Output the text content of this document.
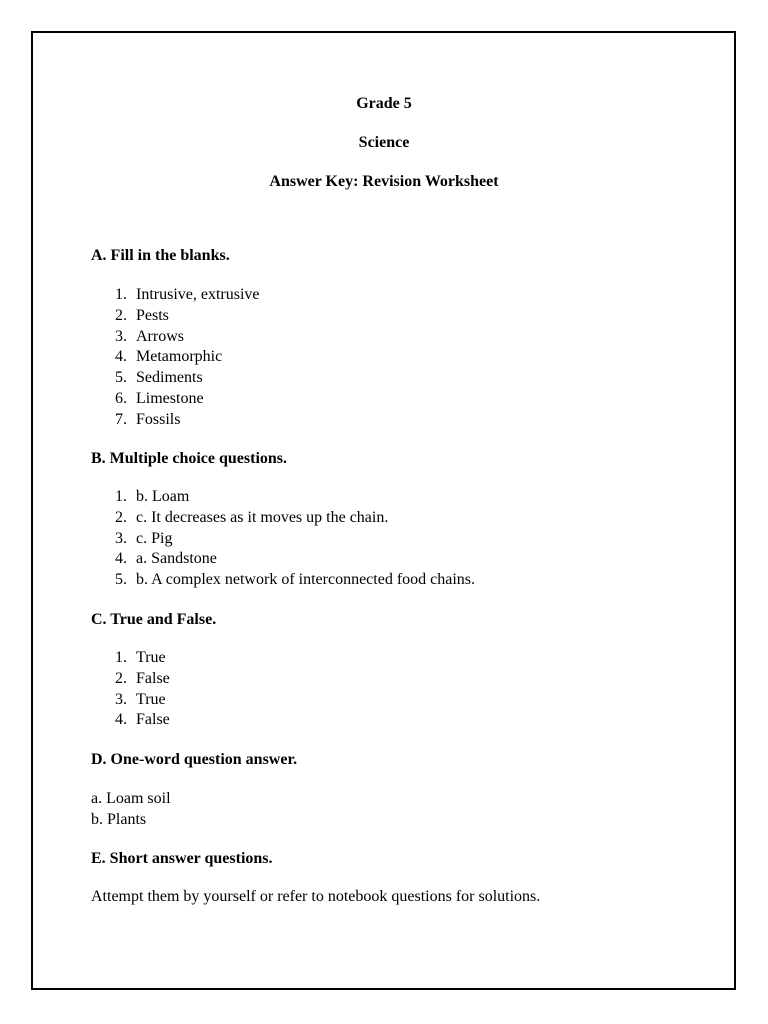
Grade 5
Science
Answer Key: Revision Worksheet
A. Fill in the blanks.
1. Intrusive, extrusive
2. Pests
3. Arrows
4. Metamorphic
5. Sediments
6. Limestone
7. Fossils
B. Multiple choice questions.
1. b. Loam
2. c. It decreases as it moves up the chain.
3. c. Pig
4. a. Sandstone
5. b. A complex network of interconnected food chains.
C. True and False.
1. True
2. False
3. True
4. False
D. One-word question answer.
a. Loam soil
b. Plants
E. Short answer questions.
Attempt them by yourself or refer to notebook questions for solutions.
